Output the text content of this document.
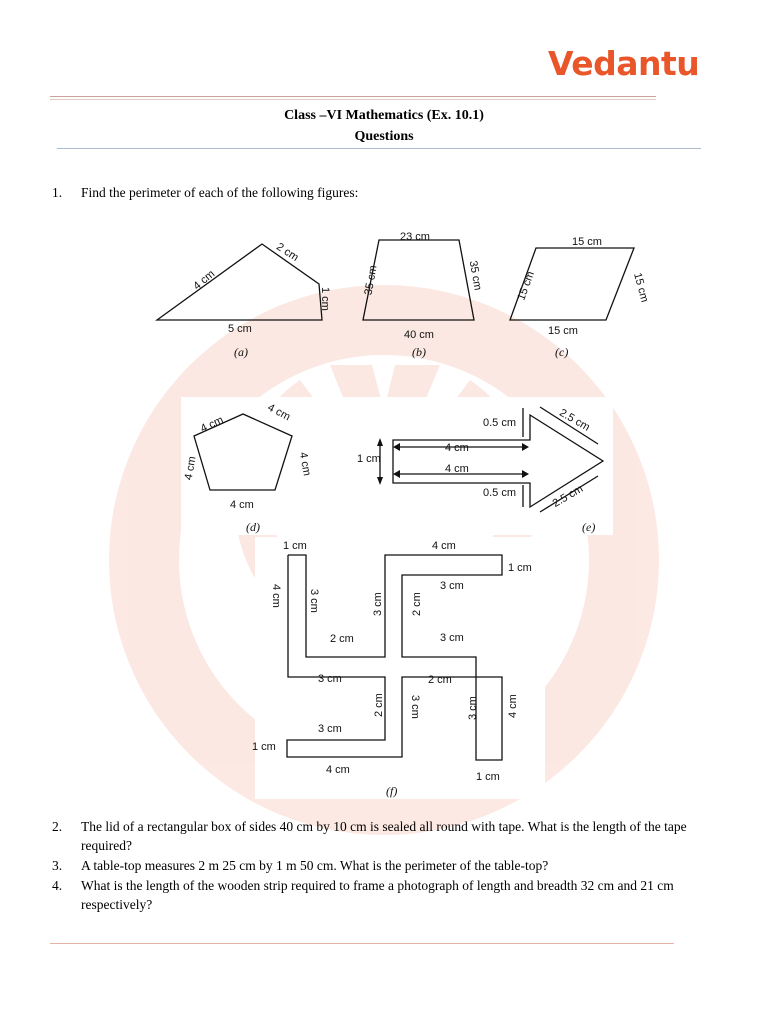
Vedantu
Class –VI Mathematics (Ex. 10.1)
Questions
1. Find the perimeter of each of the following figures:
4 cm
2 cm
1 cm
5 cm
(a)
23 cm
35 cm	35 cm
40 cm
(b)
15 cm
15 cm	15 cm
15 cm
(c)
4 cm
4 cm
4 cm	4 cm
4 cm
(d)
0.5 cm	2.5 cm
1 cm
4 cm
4 cm
0.5 cm	2.5 cm
(e)
1 cm	4 cm
1 cm
4 cm 3 cm	3 cm
2 cm
3 cm
2 cm
3 cm
3 cm	2 cm
2 cm 3 cm	3 cm	4 cm
3 cm
1 cm
4 cm
1 cm
(f)
2. The lid of a rectangular box of sides 40 cm by 10 cm is sealed all round with tape. What is the length of the tape required?
3. A table-top measures 2 m 25 cm by 1 m 50 cm. What is the perimeter of the table-top?
4. What is the length of the wooden strip required to frame a photograph of length and breadth 32 cm and 21 cm respectively?
